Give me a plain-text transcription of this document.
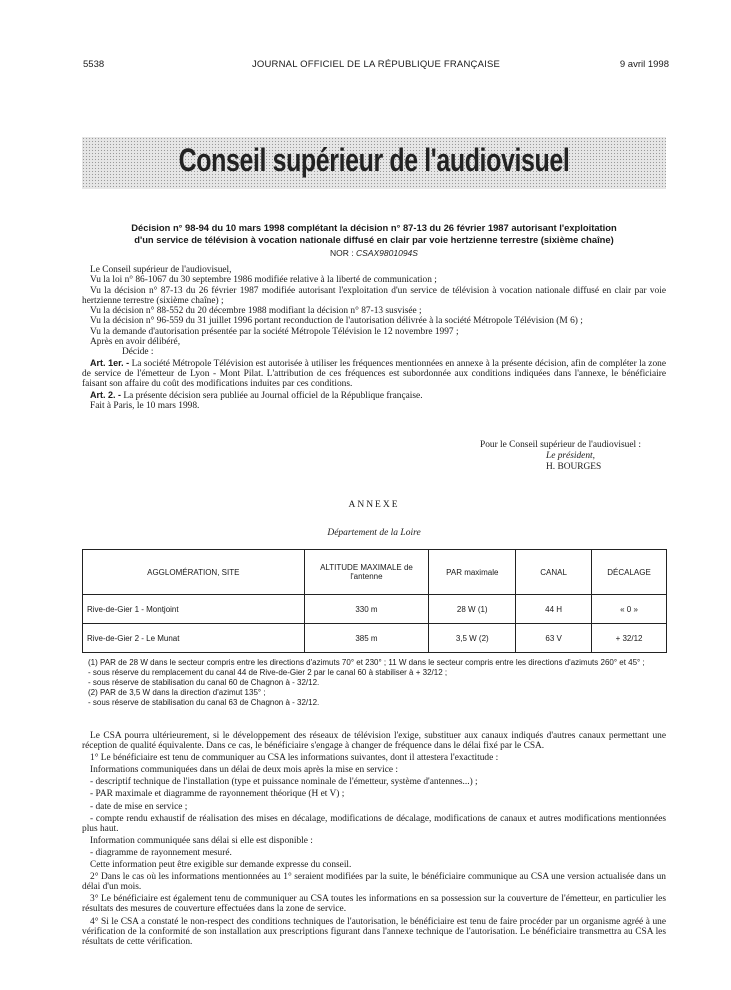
5538	JOURNAL OFFICIEL DE LA RÉPUBLIQUE FRANÇAISE	9 avril 1998
Conseil supérieur de l'audiovisuel
Décision n° 98-94 du 10 mars 1998 complétant la décision n° 87-13 du 26 février 1987 autorisant l'exploitation
d'un service de télévision à vocation nationale diffusé en clair par voie hertzienne terrestre (sixième chaîne)
NOR : CSAX9801094S

Le Conseil supérieur de l'audiovisuel,

Vu la loi n° 86-1067 du 30 septembre 1986 modifiée relative à la liberté de communication ;

Vu la décision n° 87-13 du 26 février 1987 modifiée autorisant l'exploitation d'un service de télévision à vocation nationale diffusé en clair par voie hertzienne terrestre (sixième chaîne) ;

Vu la décision n° 88-552 du 20 décembre 1988 modifiant la décision n° 87-13 susvisée ;

Vu la décision n° 96-559 du 31 juillet 1996 portant reconduction de l'autorisation délivrée à la société Métropole Télévision (M 6) ;

Vu la demande d'autorisation présentée par la société Métropole Télévision le 12 novembre 1997 ;

Après en avoir délibéré,

Décide :

Art. 1er. - La société Métropole Télévision est autorisée à utiliser les fréquences mentionnées en annexe à la présente décision, afin de compléter la zone de service de l'émetteur de Lyon - Mont Pilat. L'attribution de ces fréquences est subordonnée aux conditions indiquées dans l'annexe, le bénéficiaire faisant son affaire du coût des modifications induites par ces conditions.

Art. 2. - La présente décision sera publiée au Journal officiel de la République française.

Fait à Paris, le 10 mars 1998.

Pour le Conseil supérieur de l'audiovisuel :
Le président,
H. BOURGES
ANNEXE
Département de la Loire
AGGLOMÉRATION, SITE	ALTITUDE MAXIMALE de l'antenne	PAR maximale	CANAL	DÉCALAGE
Rive-de-Gier 1 - Montjoint	330 m	28 W (1)	44 H	« 0 »
Rive-de-Gier 2 - Le Munat	385 m	3,5 W (2)	63 V	+ 32/12
(1) PAR de 28 W dans le secteur compris entre les directions d'azimuts 70° et 230° ; 11 W dans le secteur compris entre les directions d'azimuts 260° et 45° ;
- sous réserve du remplacement du canal 44 de Rive-de-Gier 2 par le canal 60 à stabiliser à + 32/12 ;
- sous réserve de stabilisation du canal 60 de Chagnon à - 32/12.
(2) PAR de 3,5 W dans la direction d'azimut 135° ;
- sous réserve de stabilisation du canal 63 de Chagnon à - 32/12.

Le CSA pourra ultérieurement, si le développement des réseaux de télévision l'exige, substituer aux canaux indiqués d'autres canaux permettant une réception de qualité équivalente. Dans ce cas, le bénéficiaire s'engage à changer de fréquence dans le délai fixé par le CSA.

1° Le bénéficiaire est tenu de communiquer au CSA les informations suivantes, dont il attestera l'exactitude :

Informations communiquées dans un délai de deux mois après la mise en service :

- descriptif technique de l'installation (type et puissance nominale de l'émetteur, système d'antennes...) ;

- PAR maximale et diagramme de rayonnement théorique (H et V) ;

- date de mise en service ;

- compte rendu exhaustif de réalisation des mises en décalage, modifications de décalage, modifications de canaux et autres modifications mentionnées plus haut.

Information communiquée sans délai si elle est disponible :

- diagramme de rayonnement mesuré.

Cette information peut être exigible sur demande expresse du conseil.

2° Dans le cas où les informations mentionnées au 1° seraient modifiées par la suite, le bénéficiaire communique au CSA une version actualisée dans un délai d'un mois.

3° Le bénéficiaire est également tenu de communiquer au CSA toutes les informations en sa possession sur la couverture de l'émetteur, en particulier les résultats des mesures de couverture effectuées dans la zone de service.

4° Si le CSA a constaté le non-respect des conditions techniques de l'autorisation, le bénéficiaire est tenu de faire procéder par un organisme agréé à une vérification de la conformité de son installation aux prescriptions figurant dans l'annexe technique de l'autorisation. Le bénéficiaire transmettra au CSA les résultats de cette vérification.
